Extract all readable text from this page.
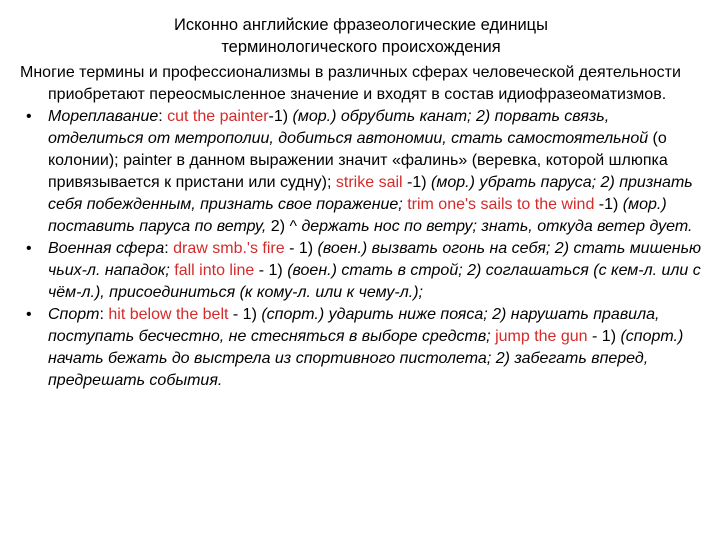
Исконно английские фразеологические единицы
терминологического происхождения

Многие термины и профессионализмы в различных сферах человеческой деятельности приобретают переосмысленное значение и входят в состав идиофразеоматизмов.

• Мореплавание: cut the painter-1) (мор.) обрубить канат; 2) порвать связь, отделиться от метрополии, добиться автономии, стать самостоятельной (о колонии); painter в данном выражении значит «фалинь» (веревка, которой шлюпка привязывается к пристани или судну); strike sail -1) (мор.) убрать паруса; 2) признать себя побежденным, признать свое поражение; trim one's sails to the wind -1) (мор.) поставить паруса по ветру, 2) ^ держать нос по ветру; знать, откуда ветер дует.
• Военная сфера: draw smb.'s fire - 1) (воен.) вызвать огонь на себя; 2) стать мишенью чьих-л. нападок; fall into line - 1) (воен.) стать в строй; 2) соглашаться (с кем-л. или с чём-л.), присоединиться (к кому-л. или к чему-л.);
• Спорт: hit below the belt - 1) (спорт.) ударить ниже пояса; 2) нарушать правила, поступать бесчестно, не стесняться в выборе средств; jump the gun - 1) (спорт.) начать бежать до выстрела из спортивного пистолета; 2) забегать вперед, предрешать события.
